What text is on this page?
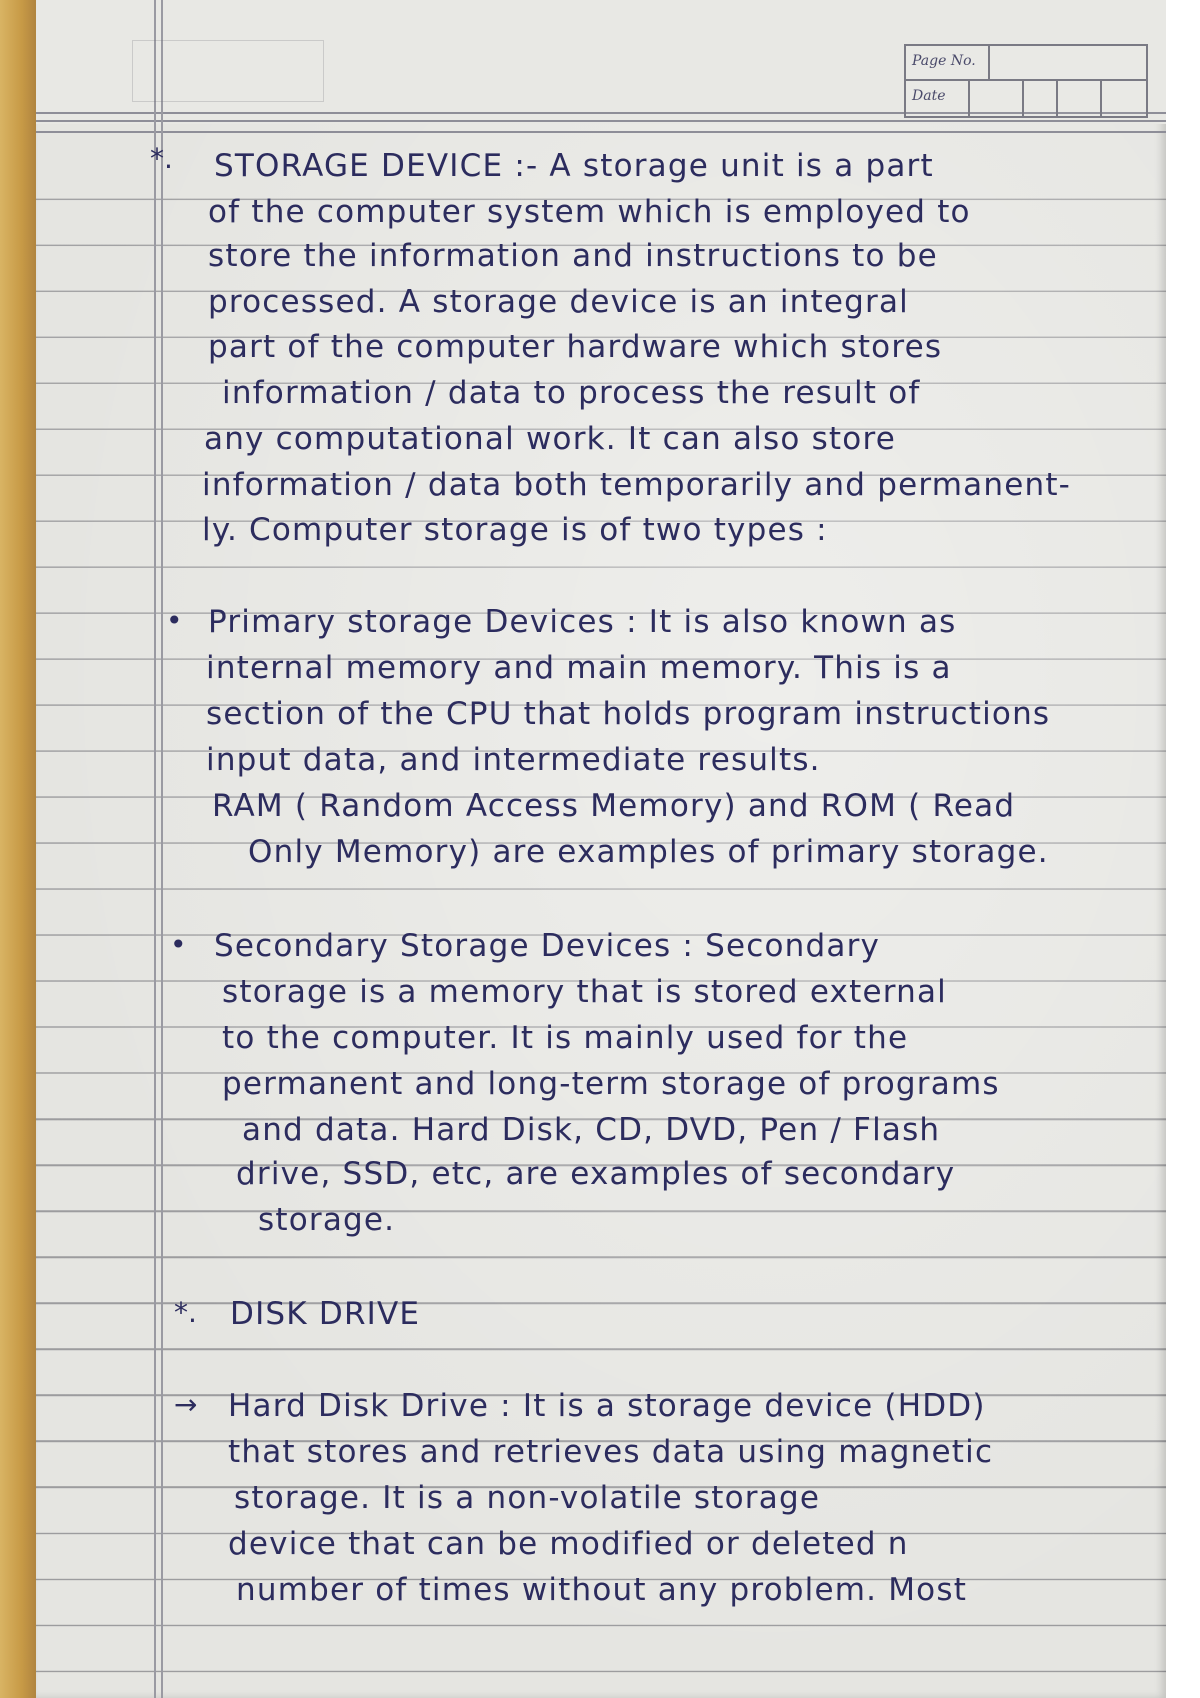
Page No.
Date
*. STORAGE DEVICE :- A storage unit is a part

of the computer system which is employed to

store the information and instructions to be

processed. A storage device is an integral

part of the computer hardware which stores

information / data to process the result of

any computational work. It can also store

information / data both temporarily and permanent-

ly. Computer storage is of two types :

• Primary storage Devices : It is also known as

internal memory and main memory. This is a

section of the CPU that holds program instructions

input data, and intermediate results.

RAM ( Random Access Memory) and ROM ( Read

Only Memory) are examples of primary storage.

• Secondary Storage Devices : Secondary

storage is a memory that is stored external

to the computer. It is mainly used for the

permanent and long-term storage of programs

and data. Hard Disk, CD, DVD, Pen / Flash

drive, SSD, etc, are examples of secondary

storage.

*. DISK DRIVE

→ Hard Disk Drive : It is a storage device (HDD)

that stores and retrieves data using magnetic

storage. It is a non-volatile storage

device that can be modified or deleted n

number of times without any problem. Most
